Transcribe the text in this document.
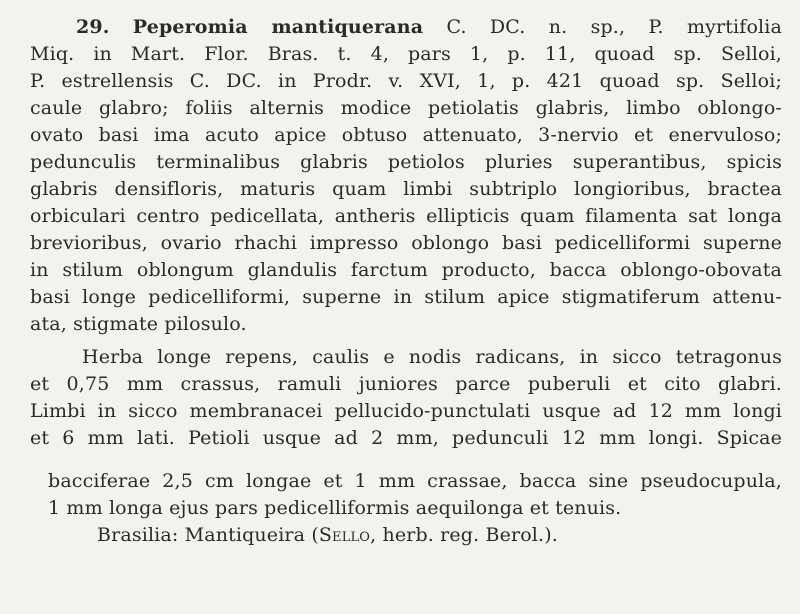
29. Peperomia mantiquerana C. DC. n. sp., P. myrtifolia
Miq. in Mart. Flor. Bras. t. 4, pars 1, p. 11, quoad sp. Selloi,
P. estrellensis C. DC. in Prodr. v. XVI, 1, p. 421 quoad sp. Selloi;
caule glabro; foliis alternis modice petiolatis glabris, limbo oblongo-
ovato basi ima acuto apice obtuso attenuato, 3-nervio et enervuloso;
pedunculis terminalibus glabris petiolos pluries superantibus, spicis
glabris densifloris, maturis quam limbi subtriplo longioribus, bractea
orbiculari centro pedicellata, antheris ellipticis quam filamenta sat longa
brevioribus, ovario rhachi impresso oblongo basi pedicelliformi superne
in stilum oblongum glandulis farctum producto, bacca oblongo-obovata
basi longe pedicelliformi, superne in stilum apice stigmatiferum attenu-
ata, stigmate pilosulo.
Herba longe repens, caulis e nodis radicans, in sicco tetragonus
et 0,75 mm crassus, ramuli juniores parce puberuli et cito glabri.
Limbi in sicco membranacei pellucido-punctulati usque ad 12 mm longi
et 6 mm lati. Petioli usque ad 2 mm, pedunculi 12 mm longi. Spicae
bacciferae 2,5 cm longae et 1 mm crassae, bacca sine pseudocupula,
1 mm longa ejus pars pedicelliformis aequilonga et tenuis.
Brasilia: Mantiqueira (Sello, herb. reg. Berol.).
